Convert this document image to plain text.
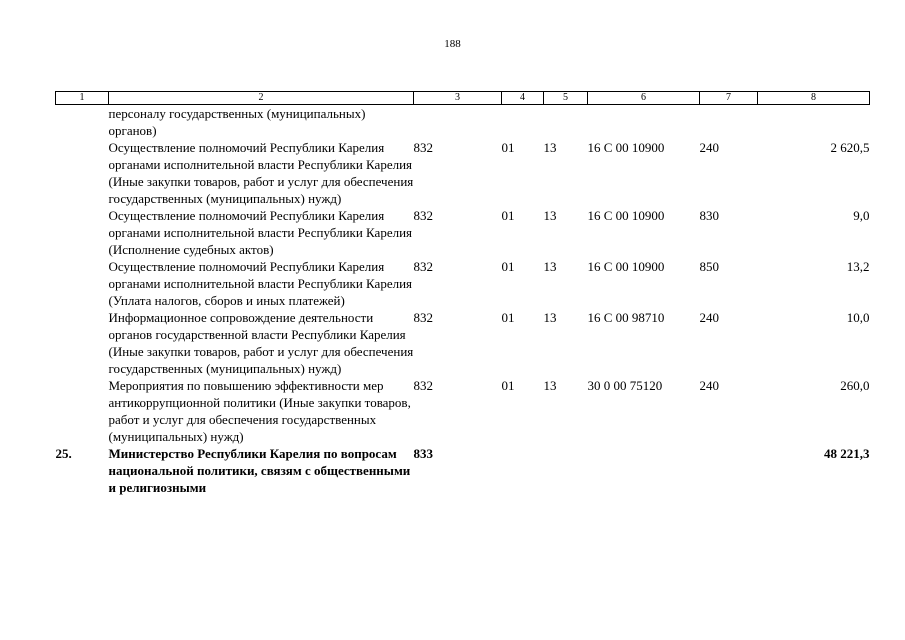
188
1	2	3	4	5	6	7	8
	персоналу государственных (муниципальных) органов)						
	Осуществление полномочий Республики Карелия органами исполнительной власти Республики Карелия (Иные закупки товаров, работ и услуг для обеспечения государственных (муниципальных) нужд)	832	01	13	16 С 00 10900	240	2 620,5
	Осуществление полномочий Республики Карелия органами исполнительной власти Республики Карелия (Исполнение судебных актов)	832	01	13	16 С 00 10900	830	9,0
	Осуществление полномочий Республики Карелия органами исполнительной власти Республики Карелия (Уплата налогов, сборов и иных платежей)	832	01	13	16 С 00 10900	850	13,2
	Информационное сопровождение деятельности органов государственной власти Республики Карелия (Иные закупки товаров, работ и услуг для обеспечения государственных (муниципальных) нужд)	832	01	13	16 С 00 98710	240	10,0
	Мероприятия по повышению эффективности мер антикоррупционной политики (Иные закупки товаров, работ и услуг для обеспечения государственных (муниципальных) нужд)	832	01	13	30 0 00 75120	240	260,0
25.	Министерство Республики Карелия по вопросам национальной политики, связям с общественными и религиозными	833					48 221,3
